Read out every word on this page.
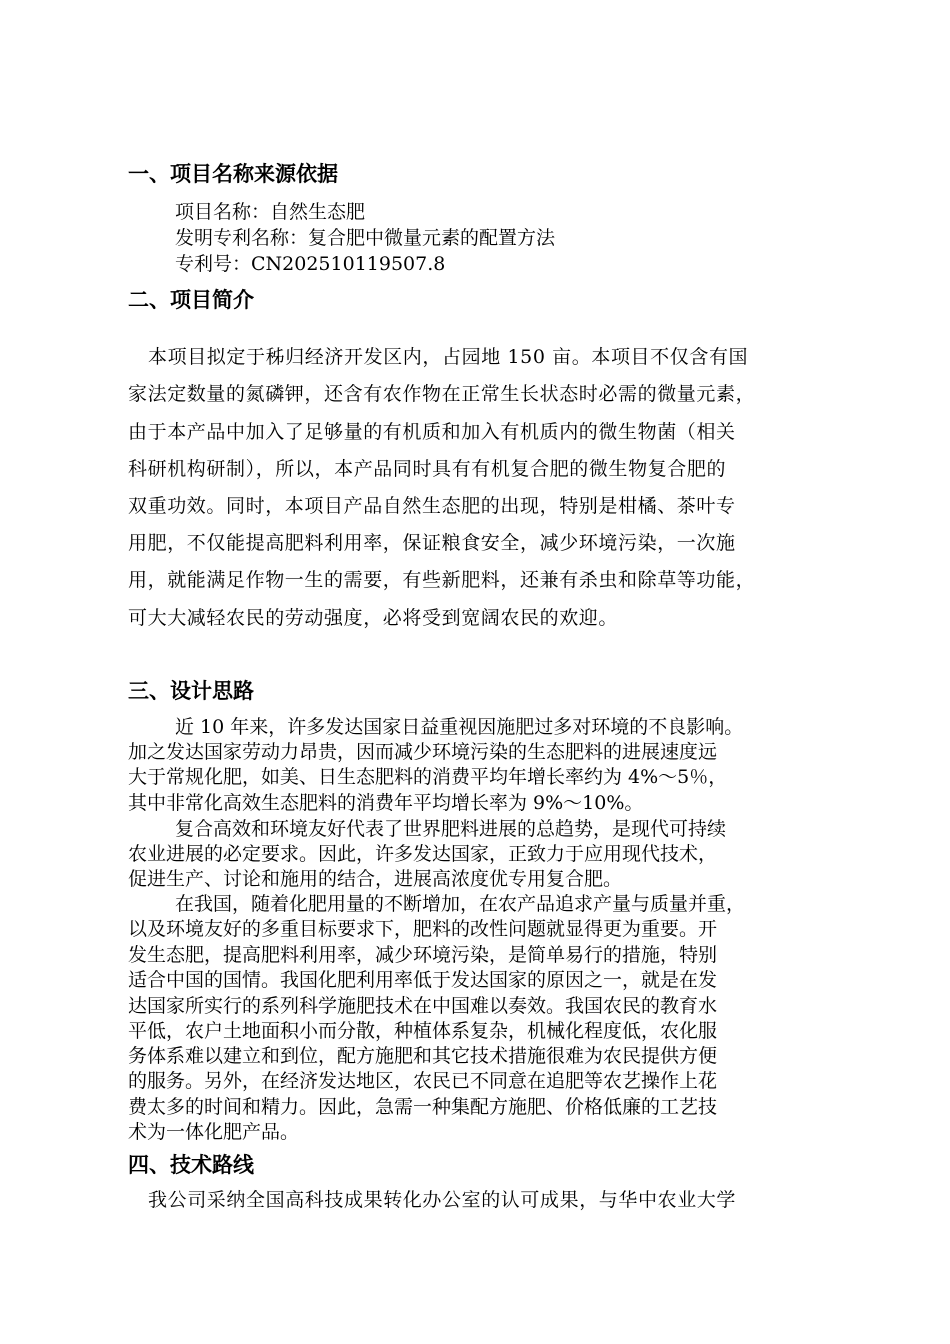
一、项目名称来源依据

项目名称：自然生态肥

发明专利名称：复合肥中微量元素的配置方法

专利号：CN202510119507.8

二、项目简介

本项目拟定于秭归经济开发区内，占园地 150 亩。本项目不仅含有国

家法定数量的氮磷钾，还含有农作物在正常生长状态时必需的微量元素，

由于本产品中加入了足够量的有机质和加入有机质内的微生物菌（相关

科研机构研制），所以，本产品同时具有有机复合肥的微生物复合肥的

双重功效。同时，本项目产品自然生态肥的出现，特别是柑橘、茶叶专

用肥，不仅能提高肥料利用率，保证粮食安全，减少环境污染，一次施

用，就能满足作物一生的需要，有些新肥料，还兼有杀虫和除草等功能，

可大大减轻农民的劳动强度，必将受到宽阔农民的欢迎。

三、设计思路

近 10 年来，许多发达国家日益重视因施肥过多对环境的不良影响。

加之发达国家劳动力昂贵，因而减少环境污染的生态肥料的进展速度远

大于常规化肥，如美、日生态肥料的消费平均年增长率约为 4%～5％，

其中非常化高效生态肥料的消费年平均增长率为 9%～10%。

复合高效和环境友好代表了世界肥料进展的总趋势，是现代可持续

农业进展的必定要求。因此，许多发达国家，正致力于应用现代技术，

促进生产、讨论和施用的结合，进展高浓度优专用复合肥。

在我国，随着化肥用量的不断增加，在农产品追求产量与质量并重，

以及环境友好的多重目标要求下，肥料的改性问题就显得更为重要。开

发生态肥，提高肥料利用率，减少环境污染，是简单易行的措施，特别

适合中国的国情。我国化肥利用率低于发达国家的原因之一，就是在发

达国家所实行的系列科学施肥技术在中国难以奏效。我国农民的教育水

平低，农户土地面积小而分散，种植体系复杂，机械化程度低，农化服

务体系难以建立和到位，配方施肥和其它技术措施很难为农民提供方便

的服务。另外，在经济发达地区，农民已不同意在追肥等农艺操作上花

费太多的时间和精力。因此，急需一种集配方施肥、价格低廉的工艺技

术为一体化肥产品。

四、技术路线

我公司采纳全国高科技成果转化办公室的认可成果，与华中农业大学
